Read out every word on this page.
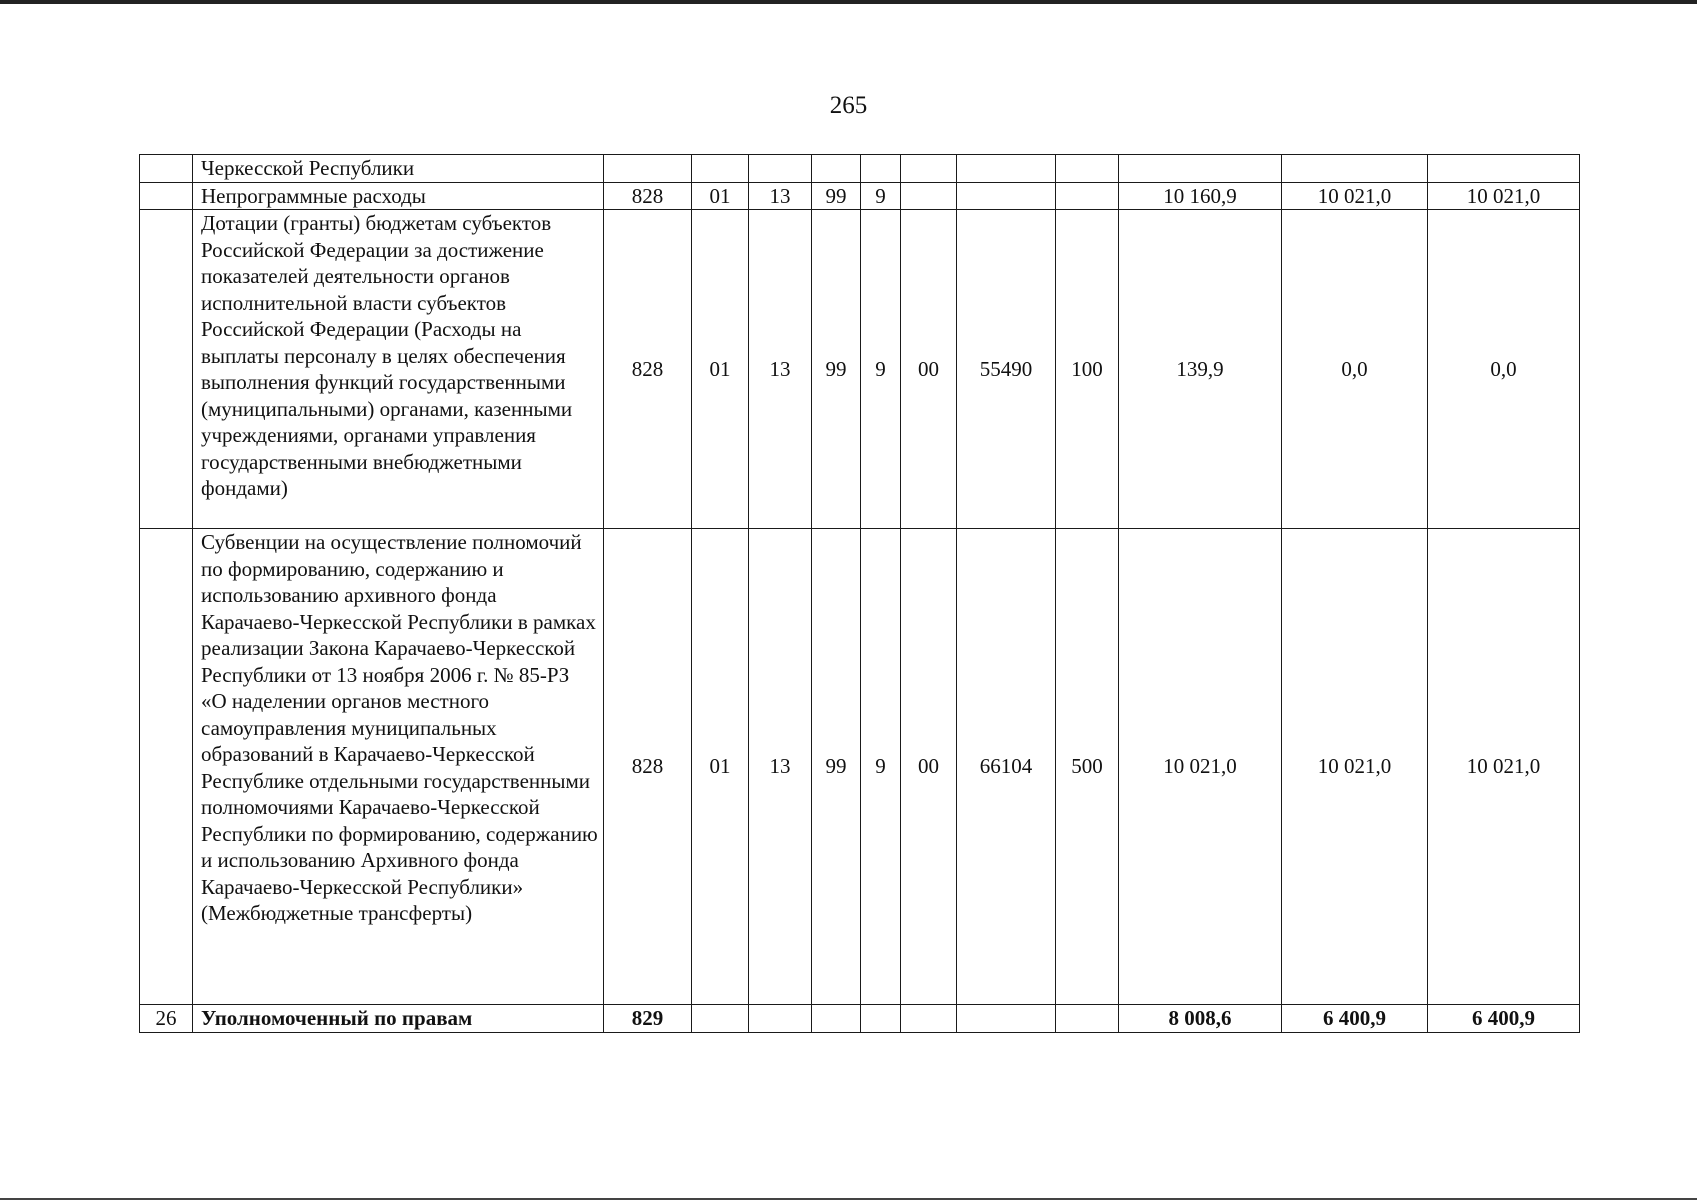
265
	Черкесской Республики											
	Непрограммные расходы	828	01	13	99	9				10 160,9	10 021,0	10 021,0
	Дотации (гранты) бюджетам субъектов Российской Федерации за достижение показателей деятельности органов исполнительной власти субъектов Российской Федерации (Расходы на выплаты персоналу в целях обеспечения выполнения функций государственными (муниципальными) органами, казенными учреждениями, органами управления государственными внебюджетными фондами)	828	01	13	99	9	00	55490	100	139,9	0,0	0,0
	Субвенции на осуществление полномочий по формированию, содержанию и использованию архивного фонда Карачаево-Черкесской Республики в рамках реализации Закона Карачаево-Черкесской Республики от 13 ноября 2006 г. № 85-РЗ «О наделении органов местного самоуправления муниципальных образований в Карачаево-Черкесской Республике отдельными государственными полномочиями Карачаево-Черкесской Республики по формированию, содержанию и использованию Архивного фонда Карачаево-Черкесской Республики» (Межбюджетные трансферты)	828	01	13	99	9	00	66104	500	10 021,0	10 021,0	10 021,0
26	Уполномоченный по правам	829								8 008,6	6 400,9	6 400,9
